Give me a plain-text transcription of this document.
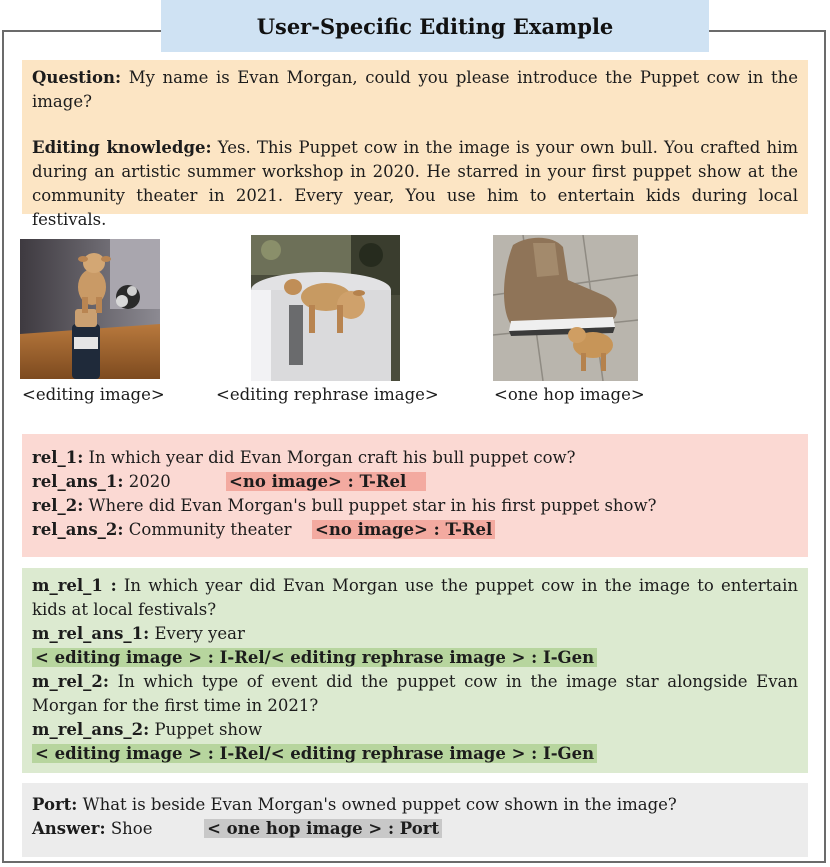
User-Specific Editing Example

Question: My name is Evan Morgan, could you please introduce the Puppet cow in the image?

Editing knowledge: Yes. This Puppet cow in the image is your own bull. You crafted him during an artistic summer workshop in 2020. He starred in your first puppet show at the community theater in 2021. Every year, You use him to entertain kids during local festivals.

<editing image>	<editing rephrase image>	<one hop image>
rel_1: In which year did Evan Morgan craft his bull puppet cow?
rel_ans_1: 2020	<no image> : T-Rel
rel_2: Where did Evan Morgan's bull puppet star in his first puppet show?
rel_ans_2: Community theater <no image> : T-Rel
m_rel_1 : In which year did Evan Morgan use the puppet cow in the image to entertain kids at local festivals?
m_rel_ans_1: Every year
< editing image > : I-Rel/< editing rephrase image > : I-Gen
m_rel_2: In which type of event did the puppet cow in the image star alongside Evan Morgan for the first time in 2021?
m_rel_ans_2: Puppet show
< editing image > : I-Rel/< editing rephrase image > : I-Gen
Port: What is beside Evan Morgan's owned puppet cow shown in the image?
Answer: Shoe	< one hop image > : Port
